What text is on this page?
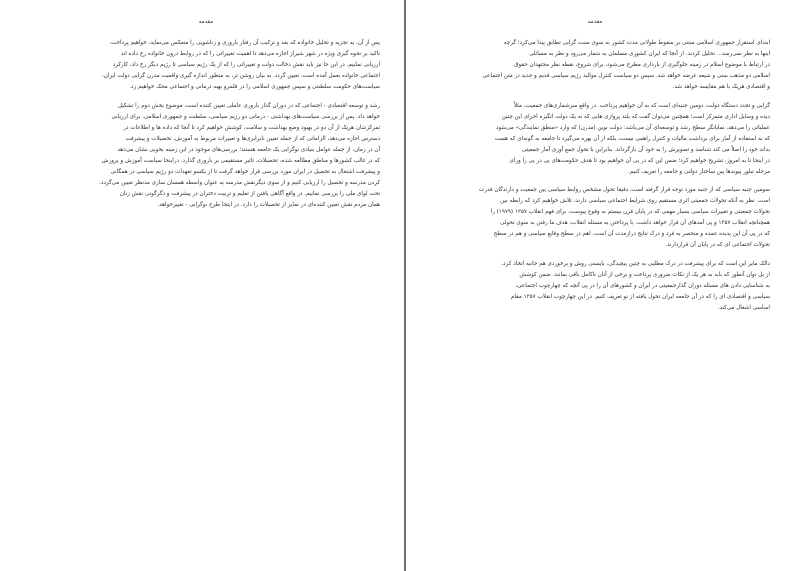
مقدمه

پس از آن، به تجزیه و تحلیل خانواده که بعد و ترکیب آن رفتار باروری و زناشویی را منعکس می‌نماید، خواهیم پرداخت.
تاکید بر نحوه گیری ویژه در شهر شیراز اجازه می‌دهد تا اهمیت تغییراتی را که در روابط درون خانواده رخ داده اند
ارزیابی نماییم. در این جا نیز باید نقش دخالت دولت و تغییراتی را که از یک رژیم سیاسی تا رژیم دیگر رخ داد، کارکرد
اجتماعی خانواده بعمل آمده است، تعیین گردد. به بیان روشن تر، به منظور اندازه گیری واقعیت مدرن گرایی دولت ایران،
سیاست‌های حکومت سلطنتی و سپس جمهوری اسلامی را در قلمرو بهبه درمانی و اجتماعی محک خواهیم زد.

رشد و توسعه اقتصادی - اجتماعی که در دوران گذار باروری عاملی تعیین کننده است، موضوع بخش دوم را تشکیل
خواهد داد. پس از بررسی سیاست‌های بهداشتی - درمانی دو رژیم سیاسی، سلطنت و جمهوری اسلامی، برای ارزیابی
تمرکزشان هریک از آن دو در بهبود وضع بهداشت و سلامت، کوشش خواهیم کرد تا آنجا که داده ها و اطلاعات در
دسترس اجازه می‌دهد، الزاماتی که از جمله تعیین نابرابری‌ها و تغییرات مربوط به آموزش، تحصیلات و پیشرفت
آن در زمان، از جمله عوامل بنیادی نوگرایی یک جامعه هستند؛ بررسی‌های موجود در این زمینه بخوبی نشان می‌دهد
که در غالب کشورها و مناطق مطالعه شده، تحصیلات، تاثیر مستقیمی بر باروری گذارد. دراینجا سیاست آموزش و پرورش
و پیشرفت اشتغال به تحصیل در ایران مورد بررسی قرار خواهد گرفت تا از یکسو تعهدات دو رژیم سیاسی در همگانی
کردن مدرسه و تحصیل را ارزیابی کنیم و از سوی دیگرنقش مدرسه به عنوان واسطه همسان سازی مدنظر تعیین می‌گردد.
تحت لوای ملی را بررسی نماییم. در واقع آگاهی یافتن از تعلیم و تربیت دختران در پیشرفت و دگرگونی نقش زنان
همان مردم نقش تعیین کننده‌ای در تمایز از تحصیلات را دارد. در اینجا طرح نوگرایی - تغییرخواهد.

مقدمه

ابتدای استقرار جمهوری اسلامی مبتنی بر سقوط طولانی مدت کشور به سوی سنت گرایی تطابق پیدا می‌کرد؛ گرچه
اینها به نظر نمی‌رسد... تحلیل کردند. از آنجا که ایران کشوری مسلمان به شمار می‌رود و نظر به مسائلی
در ارتباط با موضوع اسلام در زمینه جلوگیری از بارداری مطرح می‌شود، برای شروع، نقطه نظر مجتهدان حقوق
اسلامی دو مذهب سنی و شیعه عرضه خواهد شد. سپس دو سیاست کنترل موالید رژیم سیاسی قدیم و جدید در متن اجتماعی
و اقتصادی هریک با هم مقایسه خواهد شد.

گرایی و تجدد دستگاه دولت، دومین جنبه‌ای است که به آن خواهیم پرداخت. در واقع سرشماری‌های جمعیت، مثلاً
دیده و وسایل اداری متمرکز است؛ همچنین می‌توان گفت که بلند پروازی هایی که به یک دولت انگیزه اجرای این چنین
عملیاتی را می‌دهد، نمایانگر سطح رشد و توسعه‌ای آن می‌باشد: دولت نوین (مدرن) که وارد «منطق نمایندگی» می‌شود
که به استفاده از آمار برای برداشت مالیات و کنترل راهمی نیست، بلکه از آن بهره می‌گیرد تا جامعه به گونه‌ای که هست
بداند خود را اصلاً می کند شناسد و تصویرش را به خود آن بازگرداند. بنابراین با تحول جمع آوری آمار جمعیتی
در اینجا تا به امروز، تشریح خواهیم کرد؛ ضمن این که در پی آن خواهیم بود تا هدف حکومت‌های پی در پی را ورای
مرحله تبلور پیوندها بین ساختار دولتی و جامعه را تعریف کنیم.

سومین جنبه سیاسی که از جنبه مورد توجه قرار گرفته است، دقیقا تحول مشخص روابط سیاسی بین جمعیت و دارندگان قدرت
است. نظر به آنکه تحولات جمعیتی اثری مستقیم روی شرایط اجتماعی سیاسی دارند، تلاش خواهیم کرد که رابطه بین
تحولات جمعیتی و تغییرات سیاسی بسیار مهمی که در پایان قرن بیستم به وقوع پیوست، برای فهم انقلاب ۱۳۵۷ (۱۹۷۹) را
همچنانچه انقلاب ۱۳۵۷ و پی آمدهای آن قرار خواهد داشت. با پرداختن به مسئله انقلاب، هدف ما رفتن به سوی تحولی
که در پی آن این پدیده عمده و منحصر به فرد و درک نتایج درازمدت آن است، اهم در سطح وقایع سیاسی و هم در سطح
تحولات اجتماعی ای که در پایان آن قراردارند.

دالک مایر این است که برای پیشرفت در درک مطلبی به چنین پیچیدگی، بایستی روش و برخوردی هم جانبه اتخاذ کرد،
از پل توان آنطور که باید به هر یک از نکات ضروری پرداخت و برخی از آنان ناکامل باقی بمانند. ضمن کوشش
به شناسایی دادن های مسئله دوران گذارجمعیتی در ایران و کشورهای آن را در پی آنچه که چهارچوب اجتماعی،
سیاسی و اقتصادی ای را که در آن جامعه ایران تحول یافته از نو تعریف کنیم. در این چهارچوب انقلاب ۱۳۵۷ مقام
اساسی اشغال می‌کند.
